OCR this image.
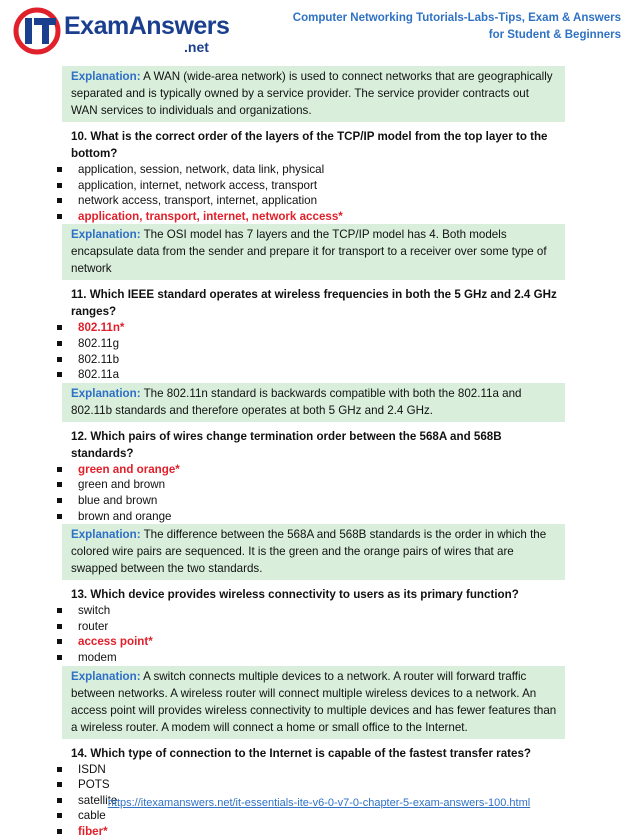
ExamAnswers
.net
Computer Networking Tutorials-Labs-Tips, Exam & Answers
for Student & Beginners
Explanation: A WAN (wide-area network) is used to connect networks that are geographically separated and is typically owned by a service provider. The service provider contracts out WAN services to individuals and organizations.
10. What is the correct order of the layers of the TCP/IP model from the top layer to the bottom?
application, session, network, data link, physical
application, internet, network access, transport
network access, transport, internet, application
application, transport, internet, network access*
Explanation: The OSI model has 7 layers and the TCP/IP model has 4. Both models encapsulate data from the sender and prepare it for transport to a receiver over some type of network
11. Which IEEE standard operates at wireless frequencies in both the 5 GHz and 2.4 GHz ranges?
802.11n*
802.11g
802.11b
802.11a
Explanation: The 802.11n standard is backwards compatible with both the 802.11a and 802.11b standards and therefore operates at both 5 GHz and 2.4 GHz.
12. Which pairs of wires change termination order between the 568A and 568B standards?
green and orange*
green and brown
blue and brown
brown and orange
Explanation: The difference between the 568A and 568B standards is the order in which the colored wire pairs are sequenced. It is the green and the orange pairs of wires that are swapped between the two standards.
13. Which device provides wireless connectivity to users as its primary function?
switch
router
access point*
modem
Explanation: A switch connects multiple devices to a network. A router will forward traffic between networks. A wireless router will connect multiple wireless devices to a network. An access point will provides wireless connectivity to multiple devices and has fewer features than a wireless router. A modem will connect a home or small office to the Internet.
14. Which type of connection to the Internet is capable of the fastest transfer rates?
ISDN
POTS
satellite
cable
fiber*
https://itexamanswers.net/it-essentials-ite-v6-0-v7-0-chapter-5-exam-answers-100.html
